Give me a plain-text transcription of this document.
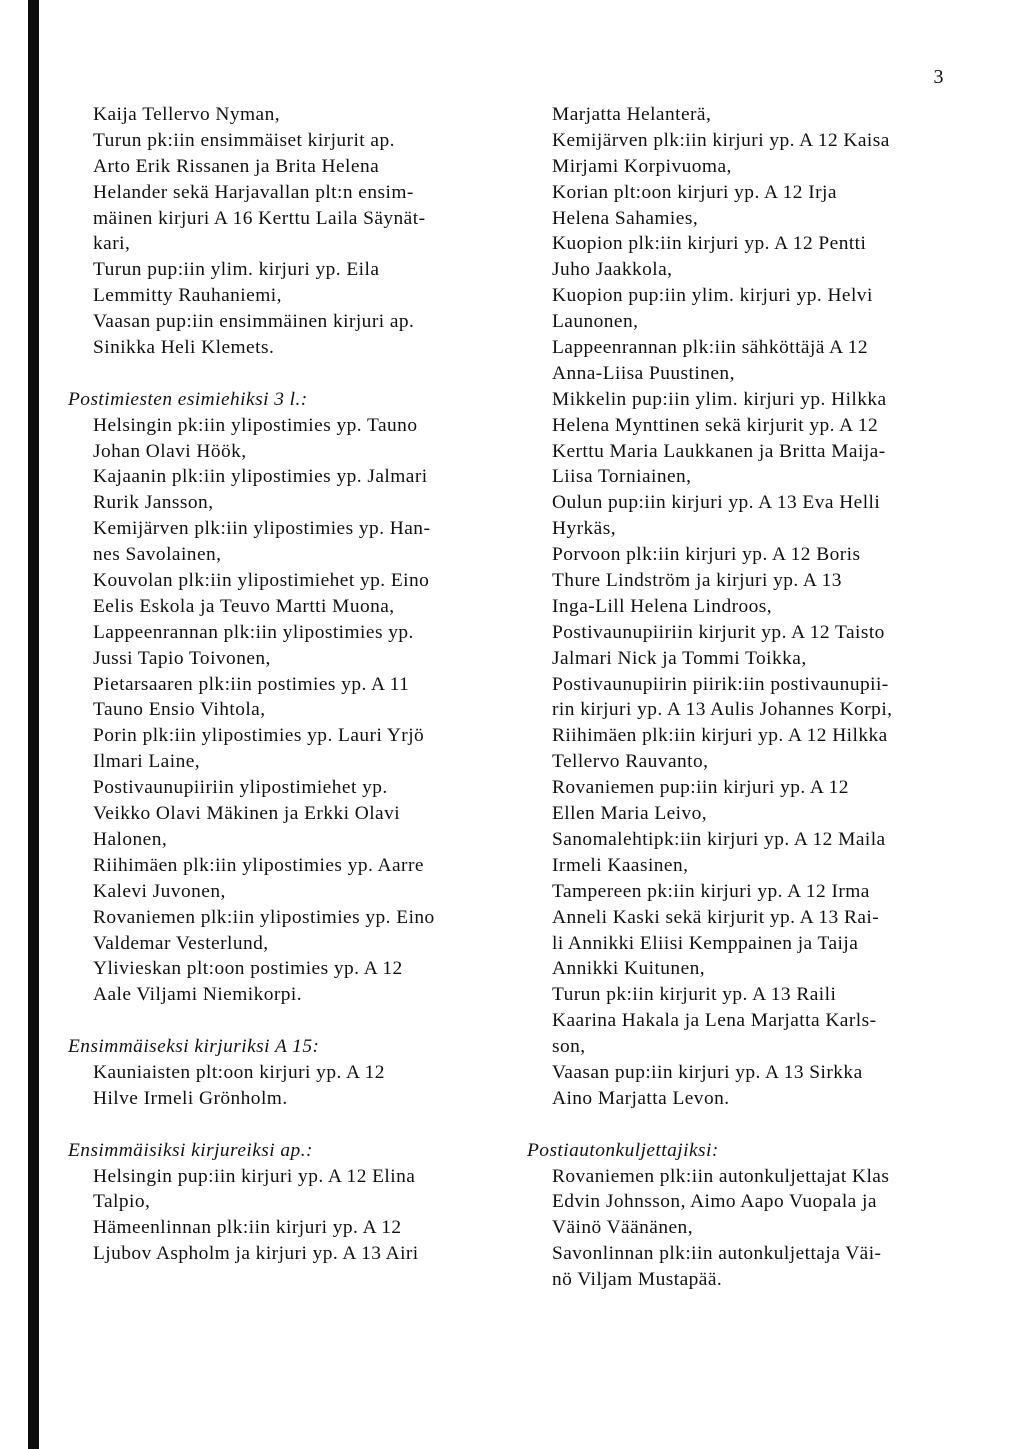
3
Kaija Tellervo Nyman,
Turun pk:iin ensimmäiset kirjurit ap.
Arto Erik Rissanen ja Brita Helena
Helander sekä Harjavallan plt:n ensim-
mäinen kirjuri A 16 Kerttu Laila Säynät-
kari,
Turun pup:iin ylim. kirjuri yp. Eila
Lemmitty Rauhaniemi,
Vaasan pup:iin ensimmäinen kirjuri ap.
Sinikka Heli Klemets.
Postimiesten esimiehiksi 3 l.:
Helsingin pk:iin ylipostimies yp. Tauno
Johan Olavi Höök,
Kajaanin plk:iin ylipostimies yp. Jalmari
Rurik Jansson,
Kemijärven plk:iin ylipostimies yp. Han-
nes Savolainen,
Kouvolan plk:iin ylipostimiehet yp. Eino
Eelis Eskola ja Teuvo Martti Muona,
Lappeenrannan plk:iin ylipostimies yp.
Jussi Tapio Toivonen,
Pietarsaaren plk:iin postimies yp. A 11
Tauno Ensio Vihtola,
Porin plk:iin ylipostimies yp. Lauri Yrjö
Ilmari Laine,
Postivaunupiiriin ylipostimiehet yp.
Veikko Olavi Mäkinen ja Erkki Olavi
Halonen,
Riihimäen plk:iin ylipostimies yp. Aarre
Kalevi Juvonen,
Rovaniemen plk:iin ylipostimies yp. Eino
Valdemar Vesterlund,
Ylivieskan plt:oon postimies yp. A 12
Aale Viljami Niemikorpi.
Ensimmäiseksi kirjuriksi A 15:
Kauniaisten plt:oon kirjuri yp. A 12
Hilve Irmeli Grönholm.
Ensimmäisiksi kirjureiksi ap.:
Helsingin pup:iin kirjuri yp. A 12 Elina
Talpio,
Hämeenlinnan plk:iin kirjuri yp. A 12
Ljubov Aspholm ja kirjuri yp. A 13 Airi
Marjatta Helanterä,
Kemijärven plk:iin kirjuri yp. A 12 Kaisa
Mirjami Korpivuoma,
Korian plt:oon kirjuri yp. A 12 Irja
Helena Sahamies,
Kuopion plk:iin kirjuri yp. A 12 Pentti
Juho Jaakkola,
Kuopion pup:iin ylim. kirjuri yp. Helvi
Launonen,
Lappeenrannan plk:iin sähköttäjä A 12
Anna-Liisa Puustinen,
Mikkelin pup:iin ylim. kirjuri yp. Hilkka
Helena Mynttinen sekä kirjurit yp. A 12
Kerttu Maria Laukkanen ja Britta Maija-
Liisa Torniainen,
Oulun pup:iin kirjuri yp. A 13 Eva Helli
Hyrkäs,
Porvoon plk:iin kirjuri yp. A 12 Boris
Thure Lindström ja kirjuri yp. A 13
Inga-Lill Helena Lindroos,
Postivaunupiiriin kirjurit yp. A 12 Taisto
Jalmari Nick ja Tommi Toikka,
Postivaunupiirin piirik:iin postivaunupii-
rin kirjuri yp. A 13 Aulis Johannes Korpi,
Riihimäen plk:iin kirjuri yp. A 12 Hilkka
Tellervo Rauvanto,
Rovaniemen pup:iin kirjuri yp. A 12
Ellen Maria Leivo,
Sanomalehtipk:iin kirjuri yp. A 12 Maila
Irmeli Kaasinen,
Tampereen pk:iin kirjuri yp. A 12 Irma
Anneli Kaski sekä kirjurit yp. A 13 Rai-
li Annikki Eliisi Kemppainen ja Taija
Annikki Kuitunen,
Turun pk:iin kirjurit yp. A 13 Raili
Kaarina Hakala ja Lena Marjatta Karls-
son,
Vaasan pup:iin kirjuri yp. A 13 Sirkka
Aino Marjatta Levon.
Postiautonkuljettajiksi:
Rovaniemen plk:iin autonkuljettajat Klas
Edvin Johnsson, Aimo Aapo Vuopala ja
Väinö Väänänen,
Savonlinnan plk:iin autonkuljettaja Väi-
nö Viljam Mustapää.
